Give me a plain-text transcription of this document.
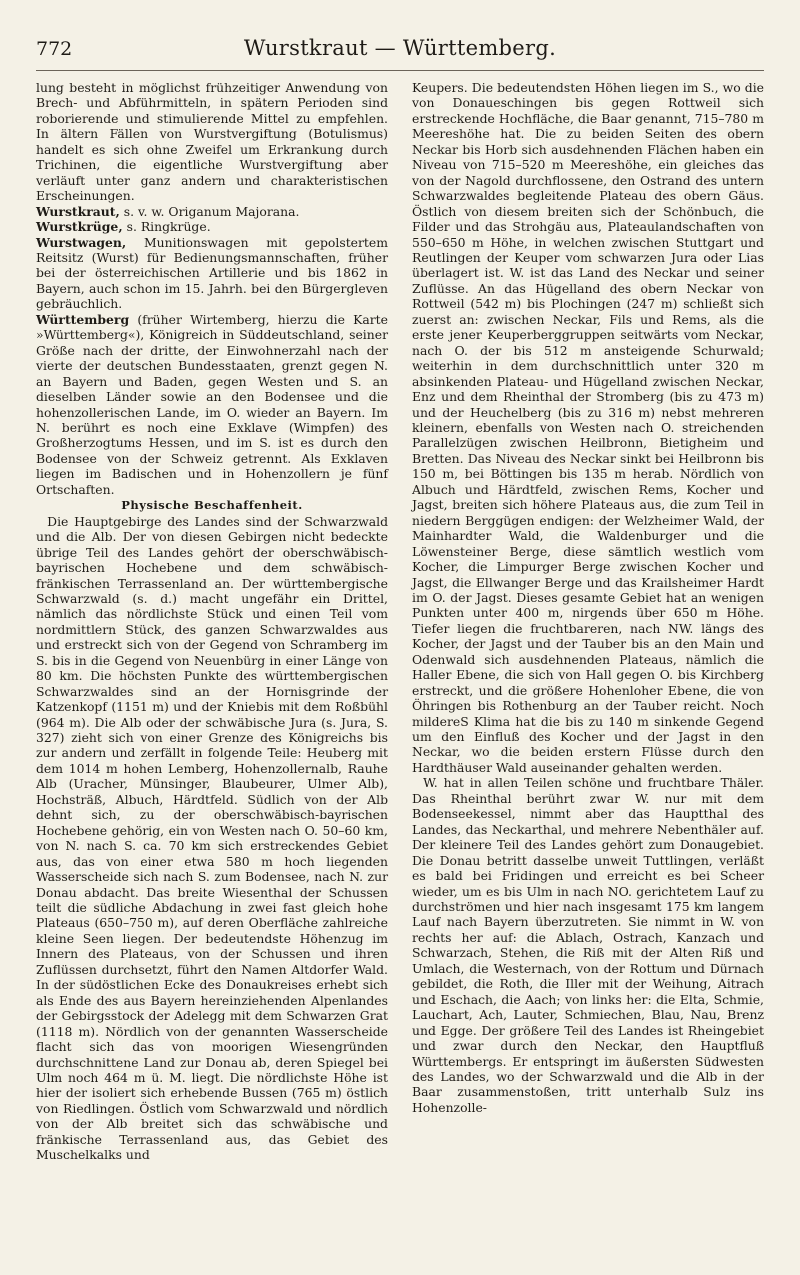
772	Wurstkraut — Württemberg.

lung besteht in möglichst frühzeitiger Anwendung von Brech- und Abführmitteln, in spätern Perioden sind roborierende und stimulierende Mittel zu empfehlen. In ältern Fällen von Wurstvergiftung (Botulismus) handelt es sich ohne Zweifel um Erkrankung durch Trichinen, die eigentliche Wurstvergiftung aber verläuft unter ganz andern und charakteristischen Erscheinungen.

Wurstkraut, s. v. w. Origanum Majorana.

Wurstkrüge, s. Ringkrüge.

Wurstwagen, Munitionswagen mit gepolstertem Reitsitz (Wurst) für Bedienungsmannschaften, früher bei der österreichischen Artillerie und bis 1862 in Bayern, auch schon im 15. Jahrh. bei den Bürgergleven gebräuchlich.

Württemberg (früher Wirtemberg, hierzu die Karte »Württemberg«), Königreich in Süddeutschland, seiner Größe nach der dritte, der Einwohnerzahl nach der vierte der deutschen Bundesstaaten, grenzt gegen N. an Bayern und Baden, gegen Westen und S. an dieselben Länder sowie an den Bodensee und die hohenzollerischen Lande, im O. wieder an Bayern. Im N. berührt es noch eine Exklave (Wimpfen) des Großherzogtums Hessen, und im S. ist es durch den Bodensee von der Schweiz getrennt. Als Exklaven liegen im Badischen und in Hohenzollern je fünf Ortschaften.

Physische Beschaffenheit.

Die Hauptgebirge des Landes sind der Schwarzwald und die Alb. Der von diesen Gebirgen nicht bedeckte übrige Teil des Landes gehört der oberschwäbisch-bayrischen Hochebene und dem schwäbisch-fränkischen Terrassenland an. Der württembergische Schwarzwald (s. d.) macht ungefähr ein Drittel, nämlich das nördlichste Stück und einen Teil vom nordmittlern Stück, des ganzen Schwarzwaldes aus und erstreckt sich von der Gegend von Schramberg im S. bis in die Gegend von Neuenbürg in einer Länge von 80 km. Die höchsten Punkte des württembergischen Schwarzwaldes sind an der Hornisgrinde der Katzenkopf (1151 m) und der Kniebis mit dem Roßbühl (964 m). Die Alb oder der schwäbische Jura (s. Jura, S. 327) zieht sich von einer Grenze des Königreichs bis zur andern und zerfällt in folgende Teile: Heuberg mit dem 1014 m hohen Lemberg, Hohenzollernalb, Rauhe Alb (Uracher, Münsinger, Blaubeurer, Ulmer Alb), Hochsträß, Albuch, Härdtfeld. Südlich von der Alb dehnt sich, zu der oberschwäbisch-bayrischen Hochebene gehörig, ein von Westen nach O. 50–60 km, von N. nach S. ca. 70 km sich erstreckendes Gebiet aus, das von einer etwa 580 m hoch liegenden Wasserscheide sich nach S. zum Bodensee, nach N. zur Donau abdacht. Das breite Wiesenthal der Schussen teilt die südliche Abdachung in zwei fast gleich hohe Plateaus (650–750 m), auf deren Oberfläche zahlreiche kleine Seen liegen. Der bedeutendste Höhenzug im Innern des Plateaus, von der Schussen und ihren Zuflüssen durchsetzt, führt den Namen Altdorfer Wald. In der südöstlichen Ecke des Donaukreises erhebt sich als Ende des aus Bayern hereinziehenden Alpenlandes der Gebirgsstock der Adelegg mit dem Schwarzen Grat (1118 m). Nördlich von der genannten Wasserscheide flacht sich das von moorigen Wiesengründen durchschnittene Land zur Donau ab, deren Spiegel bei Ulm noch 464 m ü. M. liegt. Die nördlichste Höhe ist hier der isoliert sich erhebende Bussen (765 m) östlich von Riedlingen. Östlich vom Schwarzwald und nördlich von der Alb breitet sich das schwäbische und fränkische Terrassenland aus, das Gebiet des Muschelkalks und

Keupers. Die bedeutendsten Höhen liegen im S., wo die von Donaueschingen bis gegen Rottweil sich erstreckende Hochfläche, die Baar genannt, 715–780 m Meereshöhe hat. Die zu beiden Seiten des obern Neckar bis Horb sich ausdehnenden Flächen haben ein Niveau von 715–520 m Meereshöhe, ein gleiches das von der Nagold durchflossene, den Ostrand des untern Schwarzwaldes begleitende Plateau des obern Gäus. Östlich von diesem breiten sich der Schönbuch, die Filder und das Strohgäu aus, Plateaulandschaften von 550–650 m Höhe, in welchen zwischen Stuttgart und Reutlingen der Keuper vom schwarzen Jura oder Lias überlagert ist. W. ist das Land des Neckar und seiner Zuflüsse. An das Hügelland des obern Neckar von Rottweil (542 m) bis Plochingen (247 m) schließt sich zuerst an: zwischen Neckar, Fils und Rems, als die erste jener Keuperberggruppen seitwärts vom Neckar, nach O. der bis 512 m ansteigende Schurwald; weiterhin in dem durchschnittlich unter 320 m absinkenden Plateau- und Hügelland zwischen Neckar, Enz und dem Rheinthal der Stromberg (bis zu 473 m) und der Heuchelberg (bis zu 316 m) nebst mehreren kleinern, ebenfalls von Westen nach O. streichenden Parallelzügen zwischen Heilbronn, Bietigheim und Bretten. Das Niveau des Neckar sinkt bei Heilbronn bis 150 m, bei Böttingen bis 135 m herab. Nördlich von Albuch und Härdtfeld, zwischen Rems, Kocher und Jagst, breiten sich höhere Plateaus aus, die zum Teil in niedern Berggügen endigen: der Welzheimer Wald, der Mainhardter Wald, die Waldenburger und die Löwensteiner Berge, diese sämtlich westlich vom Kocher, die Limpurger Berge zwischen Kocher und Jagst, die Ellwanger Berge und das Krailsheimer Hardt im O. der Jagst. Dieses gesamte Gebiet hat an wenigen Punkten unter 400 m, nirgends über 650 m Höhe. Tiefer liegen die fruchtbareren, nach NW. längs des Kocher, der Jagst und der Tauber bis an den Main und Odenwald sich ausdehnenden Plateaus, nämlich die Haller Ebene, die sich von Hall gegen O. bis Kirchberg erstreckt, und die größere Hohenloher Ebene, die von Öhringen bis Rothenburg an der Tauber reicht. Noch mildereS Klima hat die bis zu 140 m sinkende Gegend um den Einfluß des Kocher und der Jagst in den Neckar, wo die beiden erstern Flüsse durch den Hardthäuser Wald auseinander gehalten werden.

W. hat in allen Teilen schöne und fruchtbare Thäler. Das Rheinthal berührt zwar W. nur mit dem Bodenseekessel, nimmt aber das Hauptthal des Landes, das Neckarthal, und mehrere Nebenthäler auf. Der kleinere Teil des Landes gehört zum Donaugebiet. Die Donau betritt dasselbe unweit Tuttlingen, verläßt es bald bei Fridingen und erreicht es bei Scheer wieder, um es bis Ulm in nach NO. gerichtetem Lauf zu durchströmen und hier nach insgesamt 175 km langem Lauf nach Bayern überzutreten. Sie nimmt in W. von rechts her auf: die Ablach, Ostrach, Kanzach und Schwarzach, Stehen, die Riß mit der Alten Riß und Umlach, die Westernach, von der Rottum und Dürnach gebildet, die Roth, die Iller mit der Weihung, Aitrach und Eschach, die Aach; von links her: die Elta, Schmie, Lauchart, Ach, Lauter, Schmiechen, Blau, Nau, Brenz und Egge. Der größere Teil des Landes ist Rheingebiet und zwar durch den Neckar, den Hauptfluß Württembergs. Er entspringt im äußersten Südwesten des Landes, wo der Schwarzwald und die Alb in der Baar zusammenstoßen, tritt unterhalb Sulz ins Hohenzolle-
